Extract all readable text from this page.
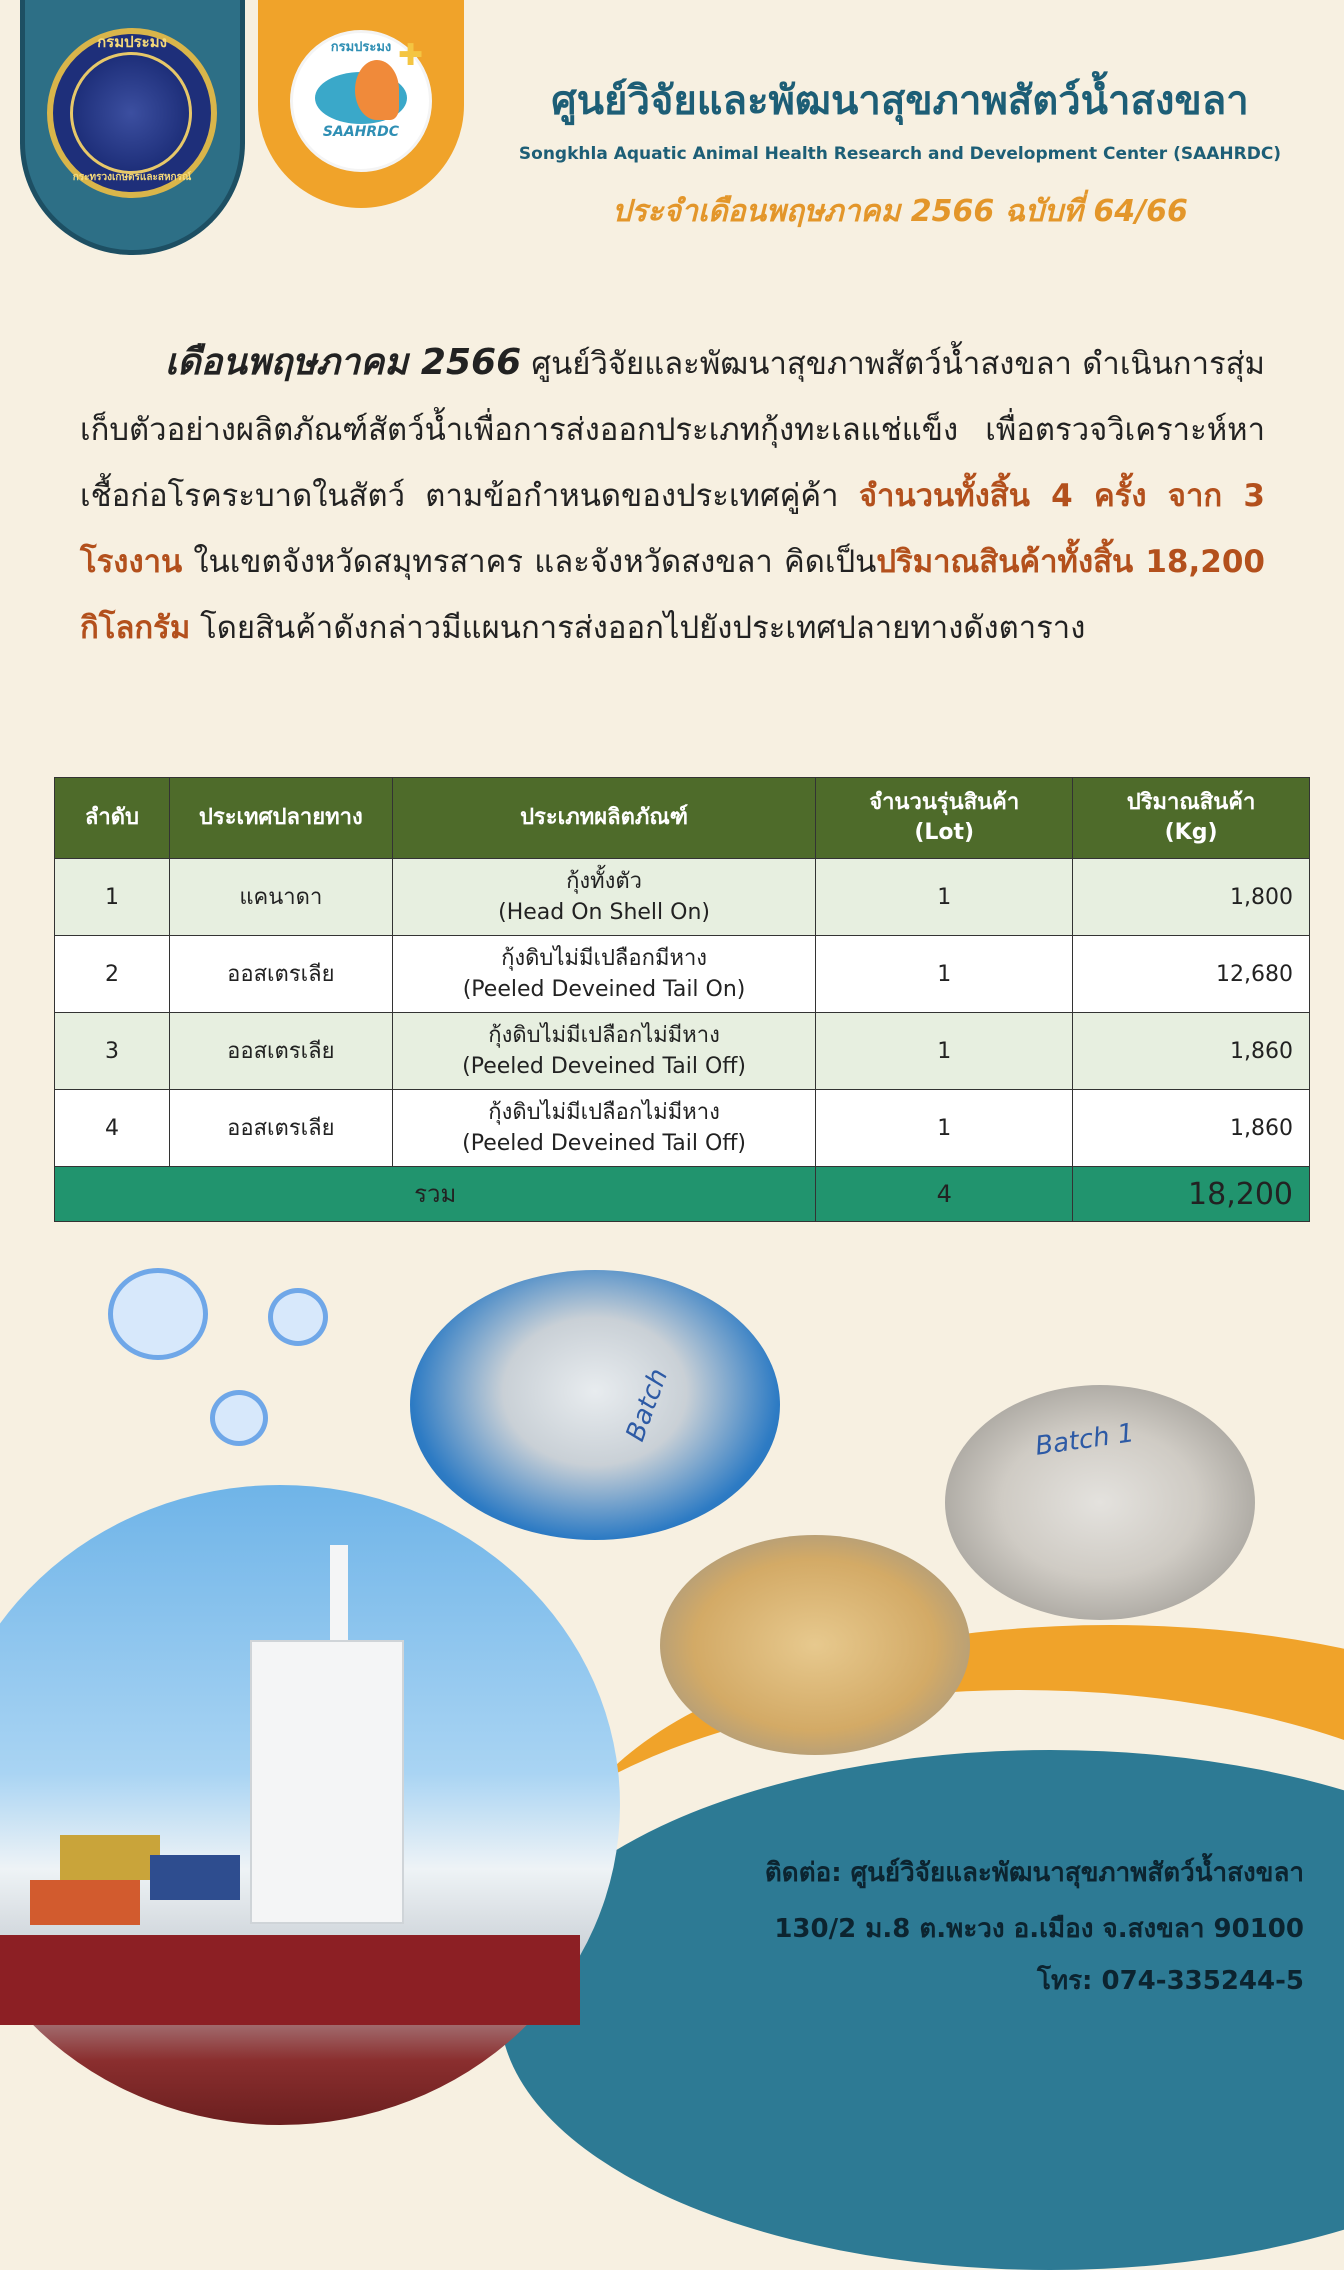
กรมประมง
กระทรวงเกษตรและสหกรณ์
✚
กรมประมง
SAAHRDC
ศูนย์วิจัยและพัฒนาสุขภาพสัตว์น้ำสงขลา
Songkhla Aquatic Animal Health Research and Development Center (SAAHRDC)
ประจำเดือนพฤษภาคม 2566 ฉบับที่ 64/66
เดือนพฤษภาคม 2566 ศูนย์วิจัยและพัฒนาสุขภาพสัตว์น้ำสงขลา ดำเนินการสุ่มเก็บตัวอย่างผลิตภัณฑ์สัตว์น้ำเพื่อการส่งออกประเภทกุ้งทะเลแช่แข็ง เพื่อตรวจวิเคราะห์หาเชื้อก่อโรคระบาดในสัตว์ ตามข้อกำหนดของประเทศคู่ค้า จำนวนทั้งสิ้น 4 ครั้ง จาก 3 โรงงาน ในเขตจังหวัดสมุทรสาคร และจังหวัดสงขลา คิดเป็นปริมาณสินค้าทั้งสิ้น 18,200 กิโลกรัม โดยสินค้าดังกล่าวมีแผนการส่งออกไปยังประเทศปลายทางดังตาราง
ลำดับ	ประเทศปลายทาง	ประเภทผลิตภัณฑ์	จำนวนรุ่นสินค้า
(Lot)	ปริมาณสินค้า
(Kg)
1	แคนาดา	กุ้งทั้งตัว
(Head On Shell On)	1	1,800
2	ออสเตรเลีย	กุ้งดิบไม่มีเปลือกมีหาง
(Peeled Deveined Tail On)	1	12,680
3	ออสเตรเลีย	กุ้งดิบไม่มีเปลือกไม่มีหาง
(Peeled Deveined Tail Off)	1	1,860
4	ออสเตรเลีย	กุ้งดิบไม่มีเปลือกไม่มีหาง
(Peeled Deveined Tail Off)	1	1,860
รวม			4	18,200
Batch	Batch 1
ติดต่อ: ศูนย์วิจัยและพัฒนาสุขภาพสัตว์น้ำสงขลา
130/2 ม.8 ต.พะวง อ.เมือง จ.สงขลา 90100
โทร: 074-335244-5
